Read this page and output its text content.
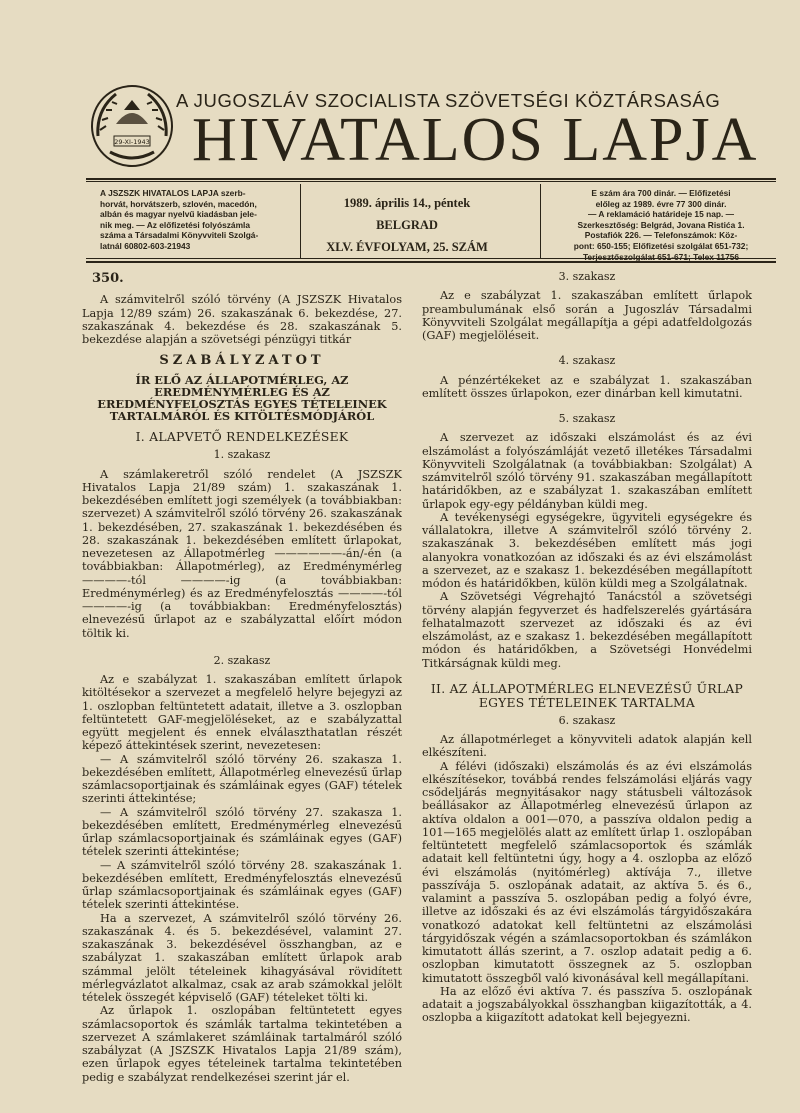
29-XI-1943
A JUGOSZLÁV SZOCIALISTA SZÖVETSÉGI KÖZTÁRSASÁG
HIVATALOS LAPJA
A JSZSZK HIVATALOS LAPJA szerb-
horvát, horvátszerb, szlovén, macedón,
albán és magyar nyelvű kiadásban jele-
nik meg. — Az előfizetési folyószámla
száma a Társadalmi Könyvviteli Szolgá-
latnál 60802-603-21943
1989. április 14., péntek
BELGRAD
XLV. ÉVFOLYAM, 25. SZÁM
E szám ára 700 dinár. — Előfizetési
előleg az 1989. évre 77 300 dinár.
— A reklamáció határideje 15 nap. —
Szerkesztőség: Belgrád, Jovana Ristića 1.
Postafiók 226. — Telefonszámok: Köz-
pont: 650-155; Előfizetési szolgálat 651-732;
Terjesztőszolgálat 651-671; Telex 11756
350.

A számvitelről szóló törvény (A JSZSZK Hivatalos Lapja 12/89 szám) 26. szakaszának 6. bekezdése, 27. szakaszának 4. bekezdése és 28. szakaszának 5. bekezdése alapján a szövetségi pénzügyi titkár

SZABÁLYZATOT
ÍR ELŐ AZ ÁLLAPOTMÉRLEG, AZ EREDMÉNYMÉRLEG ÉS AZ EREDMÉNYFELOSZTÁS EGYES TÉTELEINEK TARTALMÁRÓL ÉS KITÖLTÉSMÓDJÁRÓL
I. ALAPVETŐ RENDELKEZÉSEK
1. szakasz

A számlakeretről szóló rendelet (A JSZSZK Hivatalos Lapja 21/89 szám) 1. szakaszának 1. bekezdésében említett jogi személyek (a továbbiakban: szervezet) A számvitelről szóló törvény 26. szakaszának 1. bekezdésében, 27. szakaszának 1. bekezdésében és 28. szakaszának 1. bekezdésében említett űrlapokat, nevezetesen az Állapotmérleg ——————-án/-én (a továbbiakban: Állapotmérleg), az Eredménymérleg ————-tól ————-ig (a továbbiakban: Eredménymérleg) és az Eredményfelosztás ————-tól ————-ig (a továbbiakban: Eredményfelosztás) elnevezésű űrlapot az e szabályzattal előírt módon töltik ki.

2. szakasz

Az e szabályzat 1. szakaszában említett űrlapok kitöltésekor a szervezet a megfelelő helyre bejegyzi az 1. oszlopban feltüntetett adatait, illetve a 3. oszlopban feltüntetett GAF-megjelöléseket, az e szabályzattal együtt megjelent és ennek elválaszthatatlan részét képező áttekintések szerint, nevezetesen:

— A számvitelről szóló törvény 26. szakasza 1. bekezdésében említett, Állapotmérleg elnevezésű űrlap számlacsoportjainak és számláinak egyes (GAF) tételek szerinti áttekintése;

— A számvitelről szóló törvény 27. szakasza 1. bekezdésében említett, Eredménymérleg elnevezésű űrlap számlacsoportjainak és számláinak egyes (GAF) tételek szerinti áttekintése;

— A számvitelről szóló törvény 28. szakaszának 1. bekezdésében említett, Eredményfelosztás elnevezésű űrlap számlacsoportjainak és számláinak egyes (GAF) tételek szerinti áttekintése.

Ha a szervezet, A számvitelről szóló törvény 26. szakaszának 4. és 5. bekezdésével, valamint 27. szakaszának 3. bekezdésével összhangban, az e szabályzat 1. szakaszában említett űrlapok arab számmal jelölt tételeinek kihagyásával rövidített mérlegvázlatot alkalmaz, csak az arab számokkal jelölt tételek összegét képviselő (GAF) tételeket tölti ki.

Az űrlapok 1. oszlopában feltüntetett egyes számlacsoportok és számlák tartalma tekintetében a szervezet A számlakeret számláinak tartalmáról szóló szabályzat (A JSZSZK Hivatalos Lapja 21/89 szám), ezen űrlapok egyes tételeinek tartalma tekintetében pedig e szabályzat rendelkezései szerint jár el.

3. szakasz

Az e szabályzat 1. szakaszában említett űrlapok preambulumának első során a Jugoszláv Társadalmi Könyvviteli Szolgálat megállapítja a gépi adatfeldolgozás (GAF) megjelöléseit.

4. szakasz

A pénzértékeket az e szabályzat 1. szakaszában említett összes űrlapokon, ezer dinárban kell kimutatni.

5. szakasz

A szervezet az időszaki elszámolást és az évi elszámolást a folyószámláját vezető illetékes Társadalmi Könyvviteli Szolgálatnak (a továbbiakban: Szolgálat) A számvitelről szóló törvény 91. szakaszában megállapított határidőkben, az e szabályzat 1. szakaszában említett űrlapok egy-egy példányban küldi meg.

A tevékenységi egységekre, ügyviteli egységekre és vállalatokra, illetve A számvitelről szóló törvény 2. szakaszának 3. bekezdésében említett más jogi alanyokra vonatkozóan az időszaki és az évi elszámolást a szervezet, az e szakasz 1. bekezdésében megállapított módon és határidőkben, külön küldi meg a Szolgálatnak.

A Szövetségi Végrehajtó Tanácstól a szövetségi törvény alapján fegyverzet és hadfelszerelés gyártására felhatalmazott szervezet az időszaki és az évi elszámolást, az e szakasz 1. bekezdésében megállapított módon és határidőkben, a Szövetségi Honvédelmi Titkárságnak küldi meg.

II. AZ ÁLLAPOTMÉRLEG ELNEVEZÉSŰ ŰRLAP EGYES TÉTELEINEK TARTALMA
6. szakasz

Az állapotmérleget a könyvviteli adatok alapján kell elkészíteni.

A félévi (időszaki) elszámolás és az évi elszámolás elkészítésekor, továbbá rendes felszámolási eljárás vagy csődeljárás megnyitásakor nagy státusbeli változások beállásakor az Állapotmérleg elnevezésű űrlapon az aktíva oldalon a 001—070, a passzíva oldalon pedig a 101—165 megjelölés alatt az említett űrlap 1. oszlopában feltüntetett megfelelő számlacsoportok és számlák adatait kell feltüntetni úgy, hogy a 4. oszlopba az előző évi elszámolás (nyitómérleg) aktívája 7., illetve passzívája 5. oszlopának adatait, az aktíva 5. és 6., valamint a passzíva 5. oszlopában pedig a folyó évre, illetve az időszaki és az évi elszámolás tárgyidőszakára vonatkozó adatokat kell feltüntetni az elszámolási tárgyidőszak végén a számlacsoportokban és számlákon kimutatott állás szerint, a 7. oszlop adatait pedig a 6. oszlopban kimutatott összegnek az 5. oszlopban kimutatott összegből való kivonásával kell megállapítani.

Ha az előző évi aktíva 7. és passzíva 5. oszlopának adatait a jogszabályokkal összhangban kiigazították, a 4. oszlopba a kiigazított adatokat kell bejegyezni.
